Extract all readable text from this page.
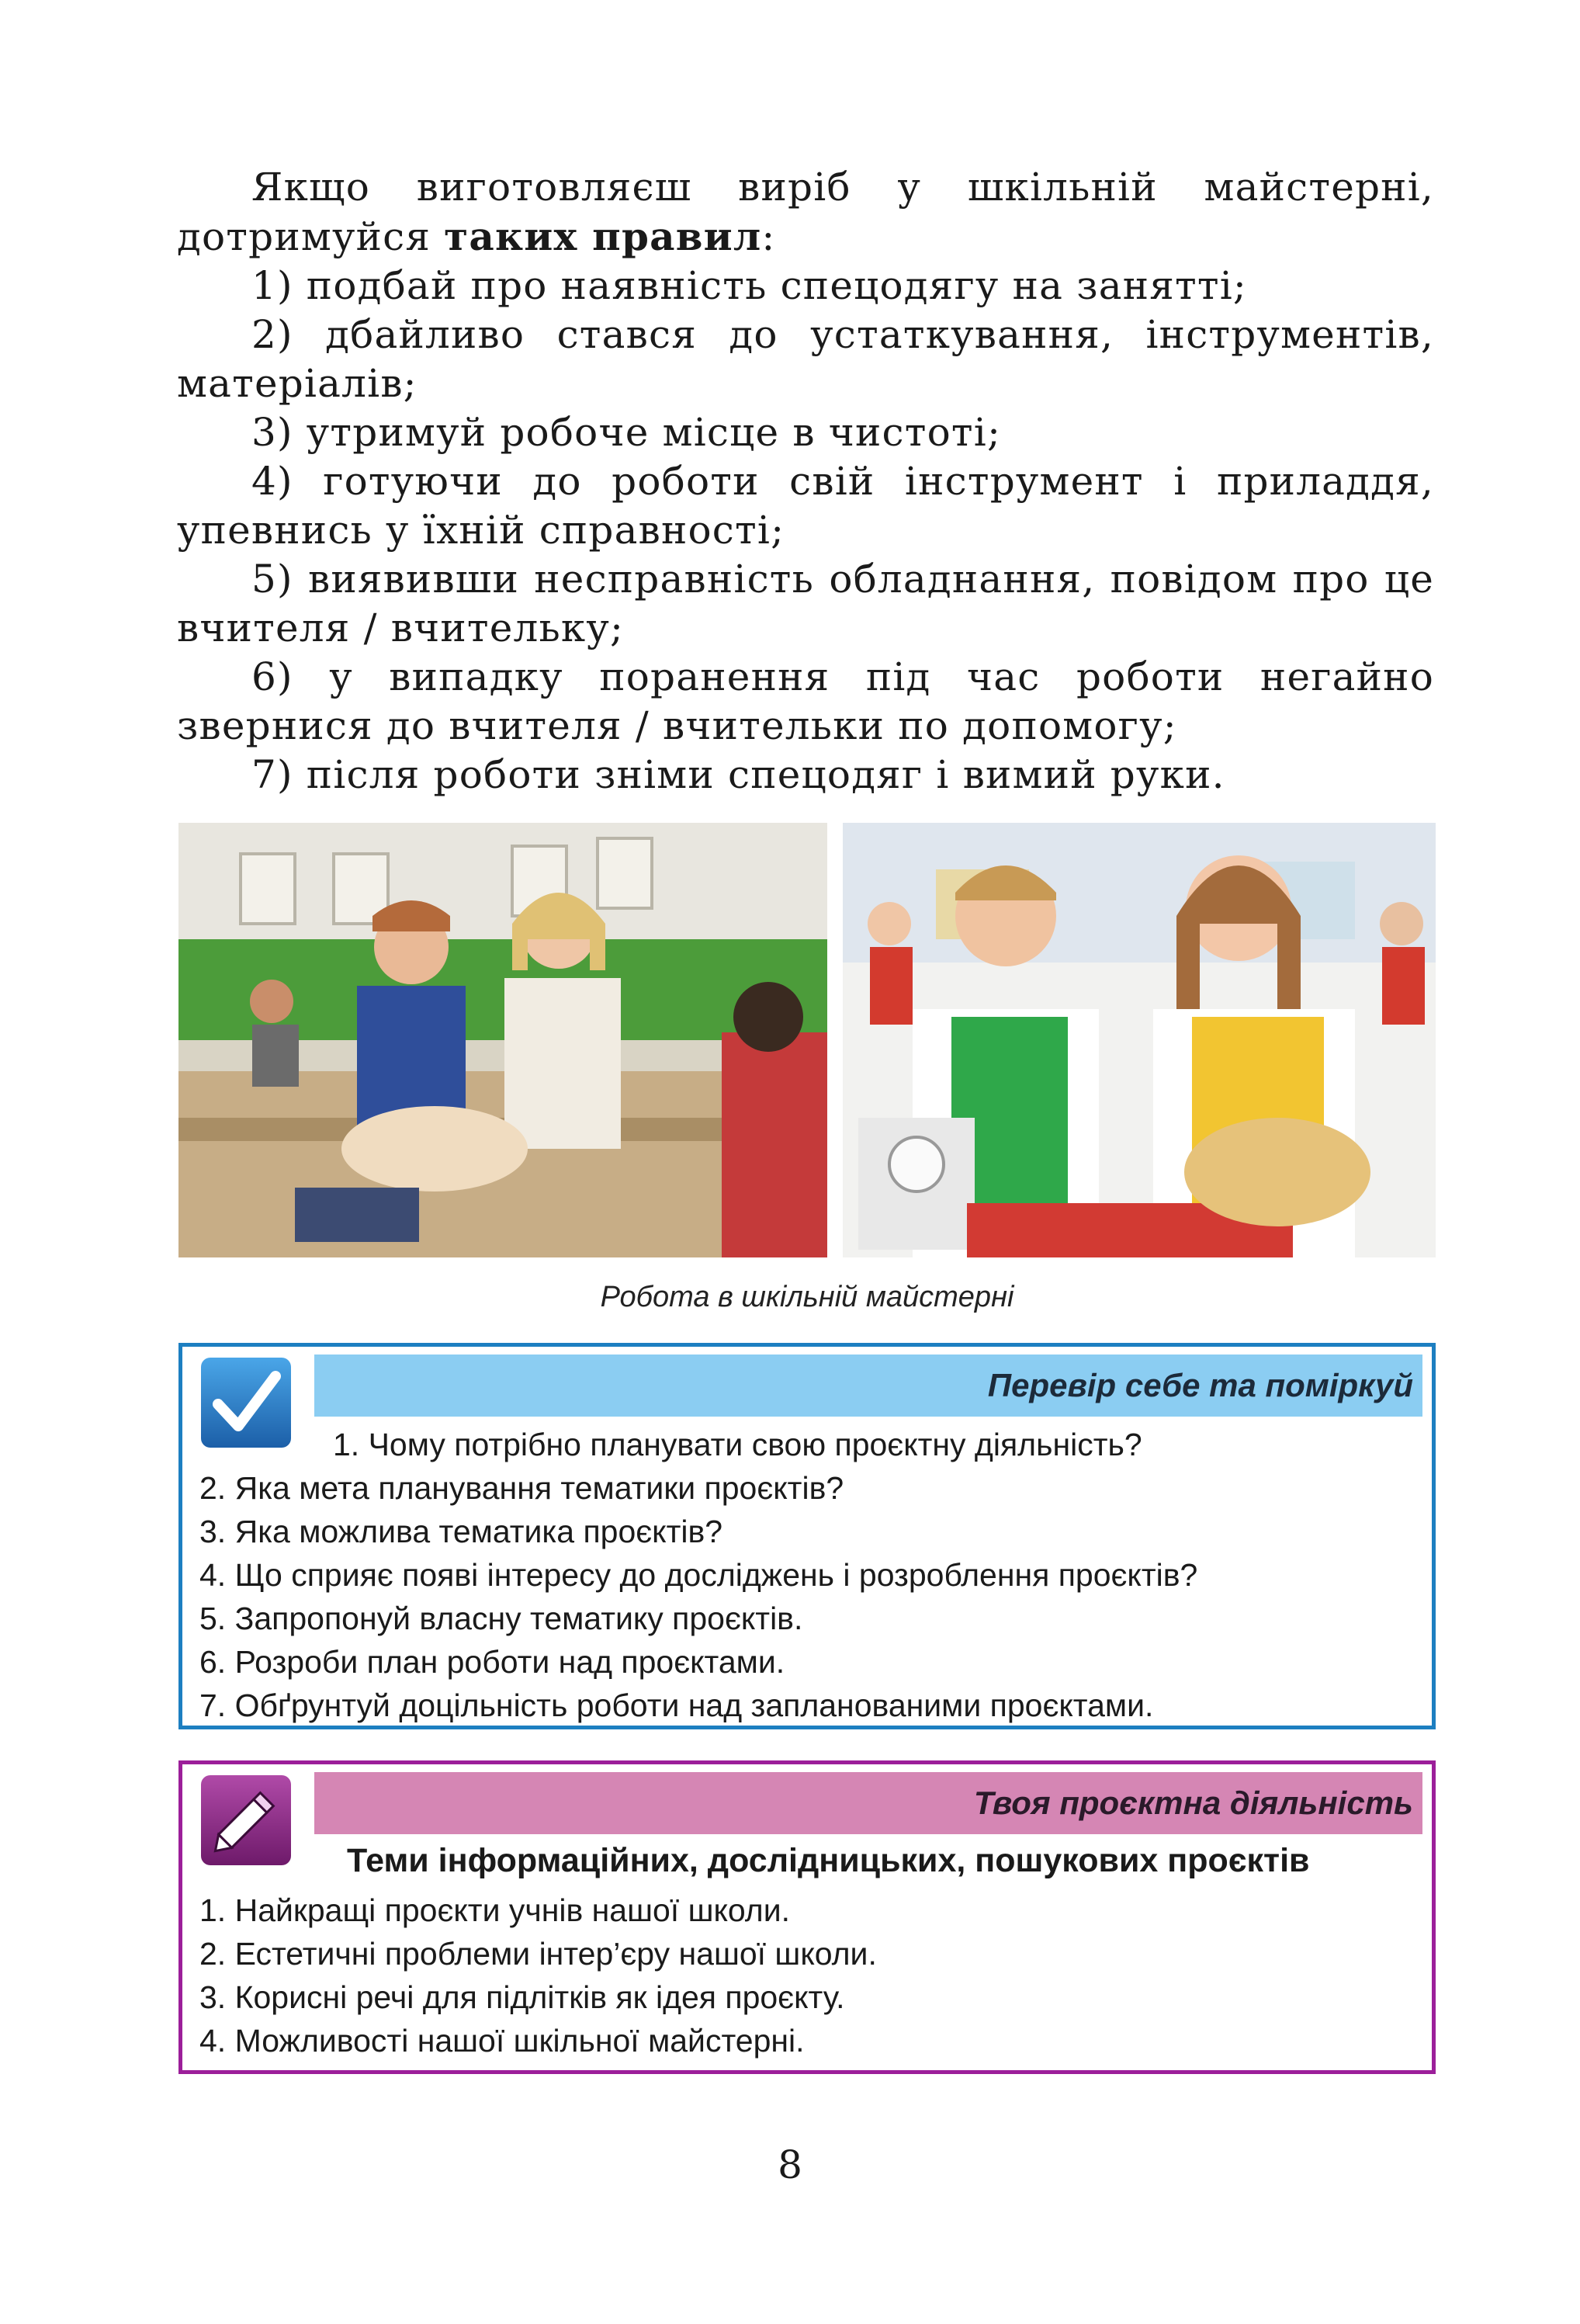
Якщо виготовляєш виріб у шкільній майстерні, дотримуйся таких правил:

1) подбай про наявність спецодягу на занятті;

2) дбайливо стався до устаткування, інструментів, матеріалів;

3) утримуй робоче місце в чистоті;

4) готуючи до роботи свій інструмент і приладдя, упевнись у їхній справності;

5) виявивши несправність обладнання, повідом про це вчителя / вчительку;

6) у випадку поранення під час роботи негайно звернися до вчителя / вчительки по допомогу;

7) після роботи зніми спецодяг і вимий руки.

Робота в шкільній майстерні
Перевір себе та поміркуй
1. Чому потрібно планувати свою проєктну діяльність?
2. Яка мета планування тематики проєктів?
3. Яка можлива тематика проєктів?
4. Що сприяє появі інтересу до досліджень і розроблення проєктів?
5. Запропонуй власну тематику проєктів.
6. Розроби план роботи над проєктами.
7. Обґрунтуй доцільність роботи над запланованими проєктами.
Твоя проєктна діяльність
Теми інформаційних, дослідницьких, пошукових проєктів
1. Найкращі проєкти учнів нашої школи.
2. Естетичні проблеми інтер’єру нашої школи.
3. Корисні речі для підлітків як ідея проєкту.
4. Можливості нашої шкільної майстерні.
8
